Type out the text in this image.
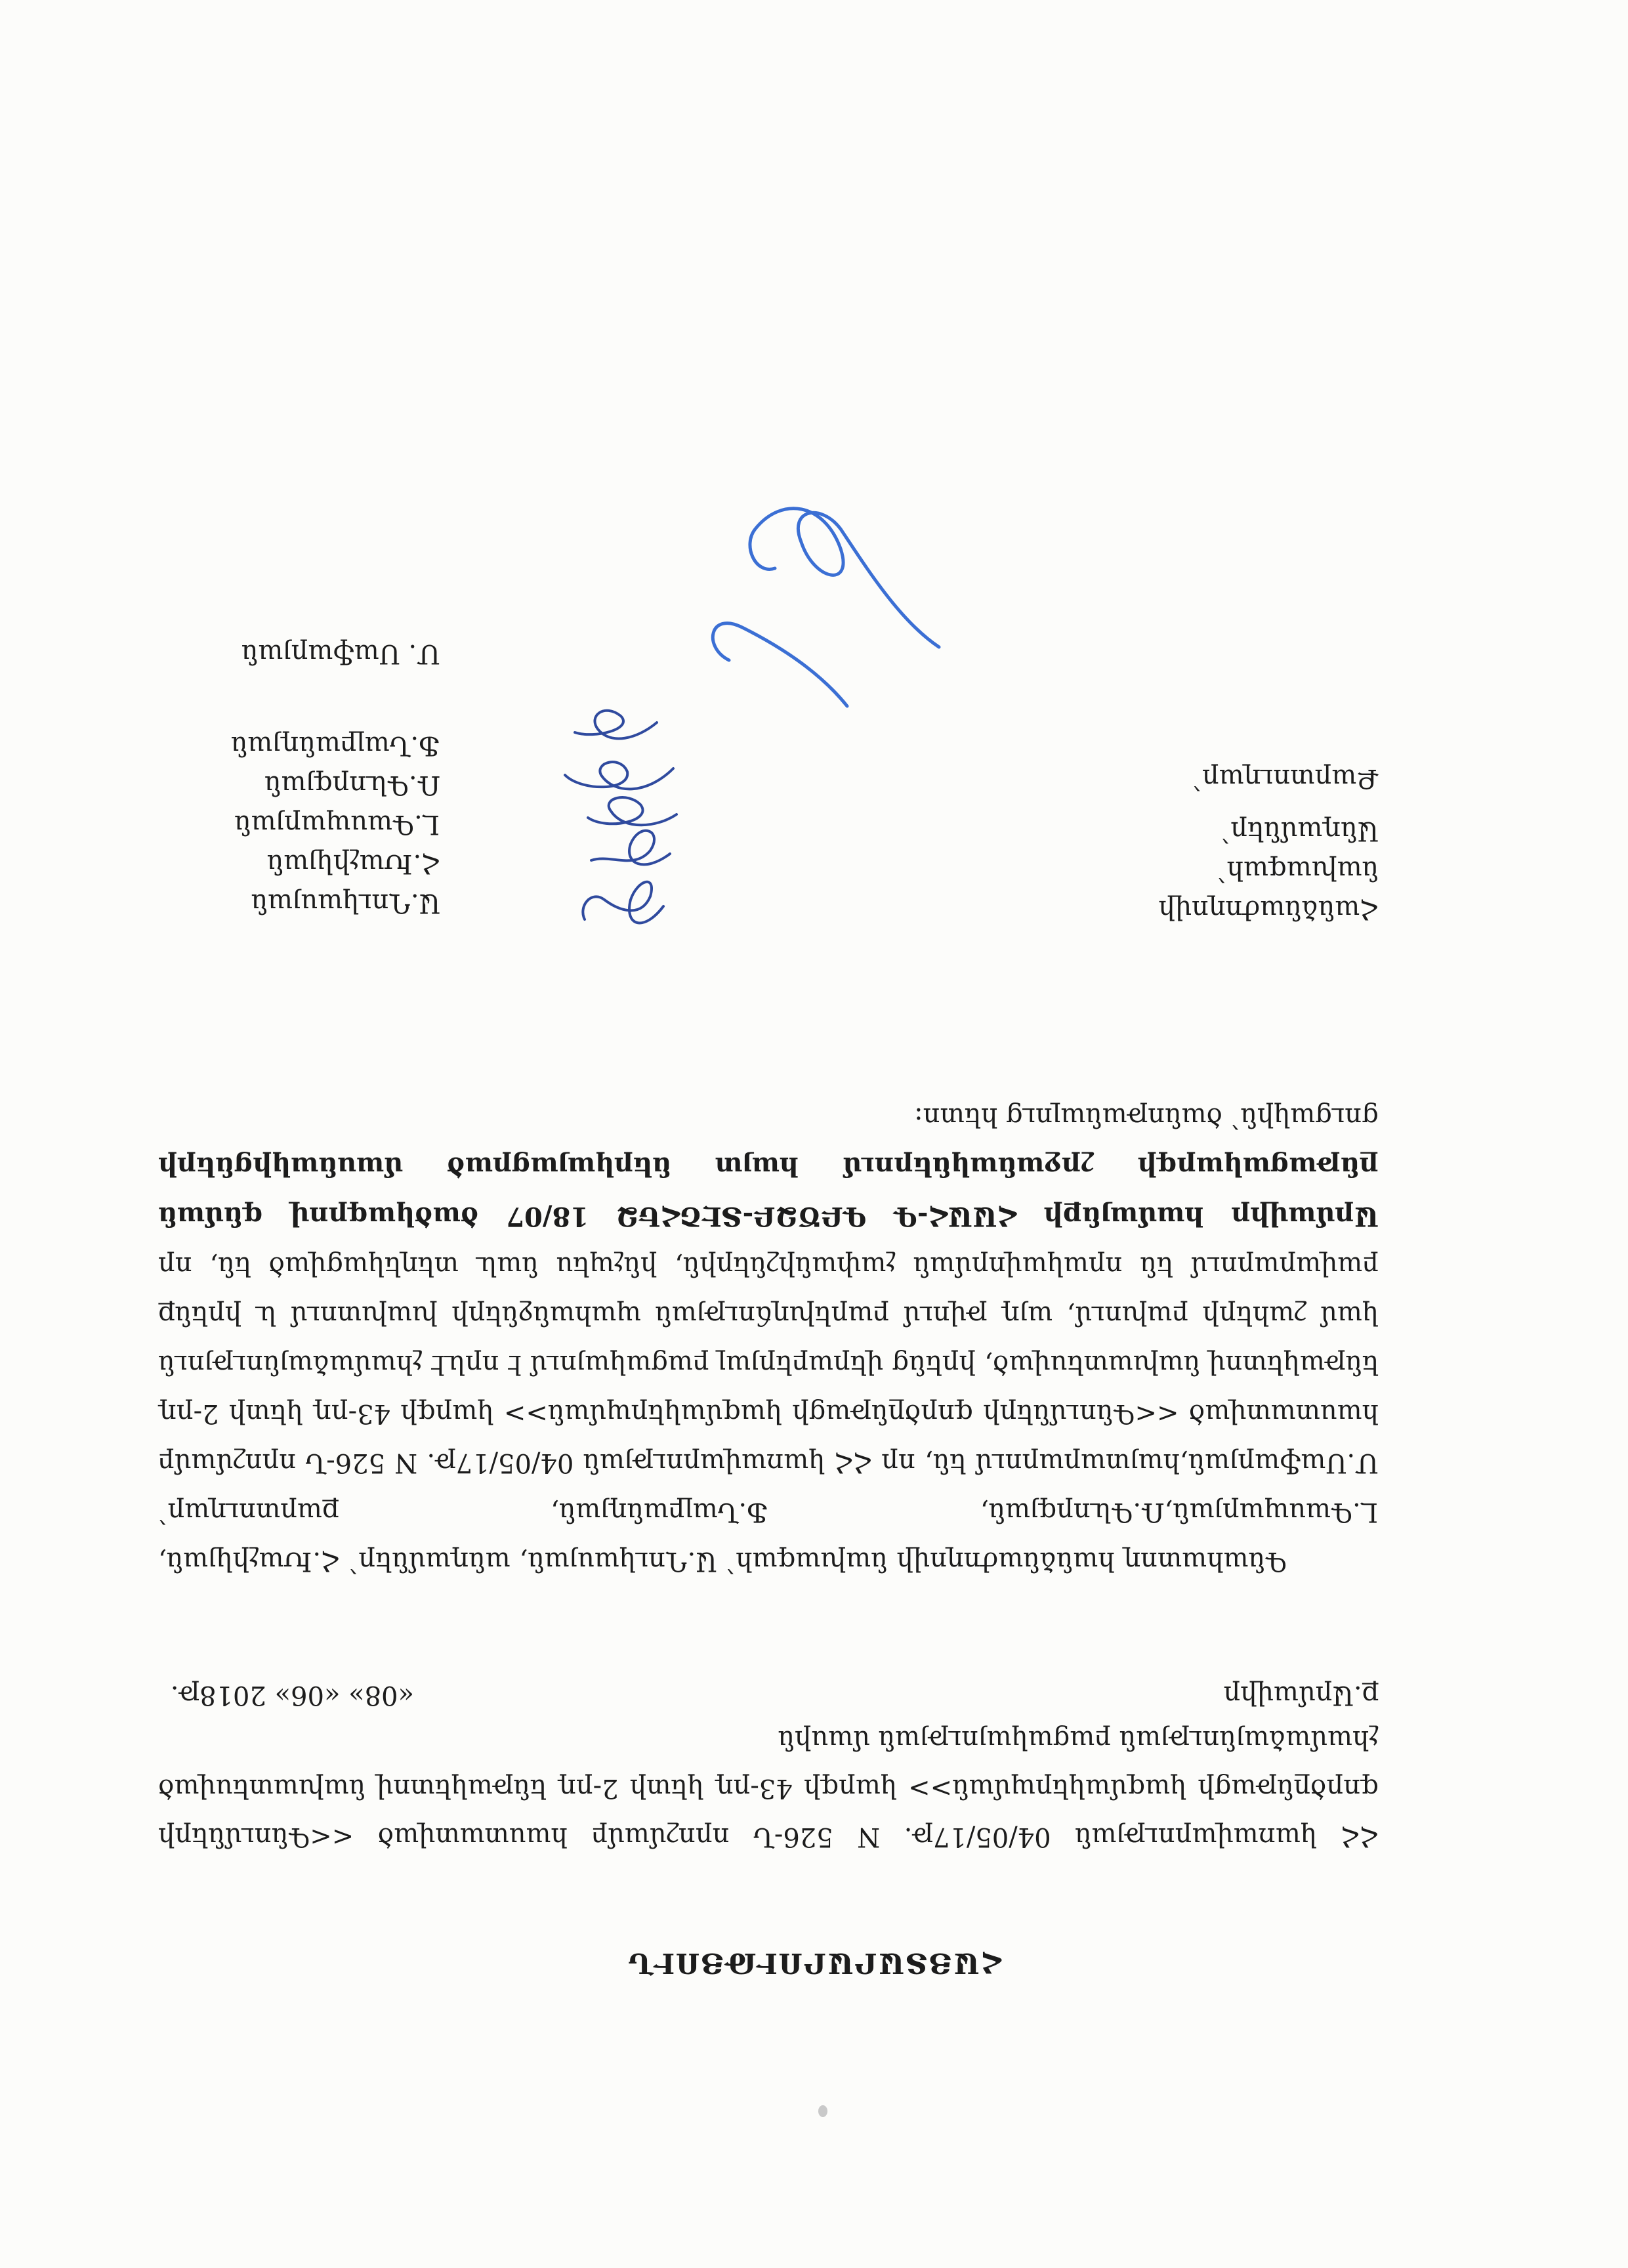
ՀԱՅՏԱՐԱՐՈՒԹՅՈՒՆ
ՀՀ կառավարության 04/05/17թ. N 526-Ն որոշմամբ հաստատված <<Գնումների գործընթացի կազմակերպման>> կարգի 43-րդ կետի 2-րդ ենթակետով նախատեսված չհամաձայնության բացակայության մասին
ք.Արմավիր
«08» «06» 2018թ.

Գնահատող հանձնաժողովի նախագահ՝ Ա.Ղուկասյան, անդամներ՝ Հ.Խաչիկյան, Լ.Գասպարյան,Ռ.Գևորգյան, Ֆ.Նալբանդյան, քարտուղար՝ Մ.Սաֆարյան,հայտարարում են, որ ՀՀ կառավարության 04/05/17թ. N 526-Ն որոշմամբ հաստատված <<Գնումների գործընթացի կազմակերպման>> կարգի 43-րդ կետի 2-րդ ենթակետով նախատեսված, իրենց վերաբերյալ բացակայում է որևէ չհամաձայնություն կամ շահերի բախում, այդ թվում բարեխղճության պահանջների խախտում և իրենք բավարարում են որակավորման չափանիշներին, ինչպես նաև տեղեկացված են, որ Արմավիր համայնքի ՀԱԱՀ-Գ ԳԲԾՁԲ-ՏԷՇՀԵՁ 18/07 ծածկագրով գնման ընթացակարգի շրջանակներում հայտ ներկայացրած մասնակիցների ցուցակին՝ ծանոթանալուց հետո:

Հանձնաժողովի
նախագահ՝
Անդամներ՝
Քարտուղար՝
Ա.Ղուկասյան
Հ.Խաչիկյան
Լ.Գասպարյան
Ռ.Գևորգյան
Ֆ.Նալբանդյան
Մ. Սաֆարյան
